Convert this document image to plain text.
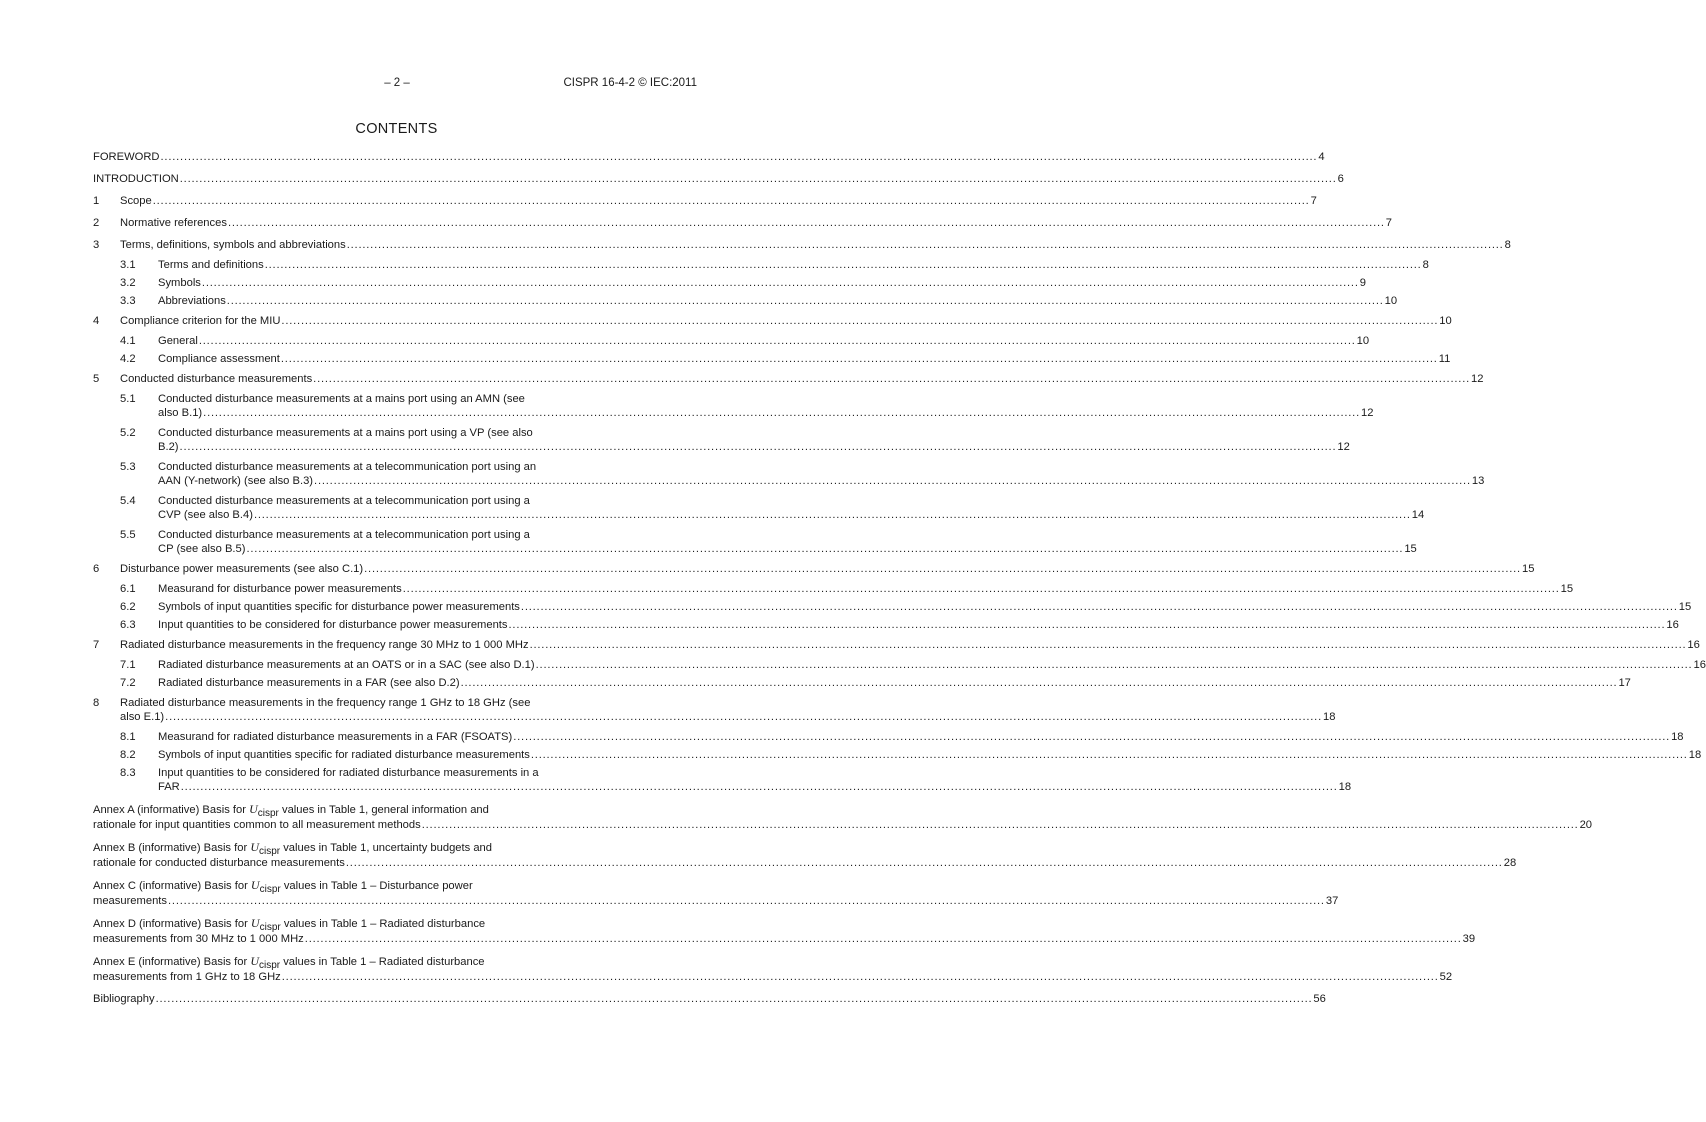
– 2 –	CISPR 16-4-2 © IEC:2011
CONTENTS
FOREWORD .....	4
INTRODUCTION .....	6
1	Scope .....	7
2	Normative references .....	7
3	Terms, definitions, symbols and abbreviations .....	8
3.1	Terms and definitions .....	8
3.2	Symbols .....	9
3.3	Abbreviations .....	10
4	Compliance criterion for the MIU .....	10
4.1	General .....	10
4.2	Compliance assessment .....	11
5	Conducted disturbance measurements .....	12
5.1	Conducted disturbance measurements at a mains port using an AMN (see
also B.1) .....	12
5.2	Conducted disturbance measurements at a mains port using a VP (see also
B.2) .....	12
5.3	Conducted disturbance measurements at a telecommunication port using an
AAN (Y-network) (see also B.3) .....	13
5.4	Conducted disturbance measurements at a telecommunication port using a
CVP (see also B.4) .....	14
5.5	Conducted disturbance measurements at a telecommunication port using a
CP (see also B.5) .....	15
6	Disturbance power measurements (see also C.1) .....	15
6.1	Measurand for disturbance power measurements .....	15
6.2	Symbols of input quantities specific for disturbance power measurements .....	15
6.3	Input quantities to be considered for disturbance power measurements .....	16
7	Radiated disturbance measurements in the frequency range 30 MHz to 1 000 MHz .....	16
7.1	Radiated disturbance measurements at an OATS or in a SAC (see also D.1) .....	16
7.2	Radiated disturbance measurements in a FAR (see also D.2) .....	17
8	Radiated disturbance measurements in the frequency range 1 GHz to 18 GHz (see
also E.1) .....	18
8.1	Measurand for radiated disturbance measurements in a FAR (FSOATS) .....	18
8.2	Symbols of input quantities specific for radiated disturbance measurements .....	18
8.3	Input quantities to be considered for radiated disturbance measurements in a
FAR .....	18
Annex A (informative) Basis for Ucispr values in Table 1, general information and
rationale for input quantities common to all measurement methods .....	20
Annex B (informative) Basis for Ucispr values in Table 1, uncertainty budgets and
rationale for conducted disturbance measurements .....	28
Annex C (informative) Basis for Ucispr values in Table 1 – Disturbance power
measurements .....	37
Annex D (informative) Basis for Ucispr values in Table 1 – Radiated disturbance
measurements from 30 MHz to 1 000 MHz .....	39
Annex E (informative) Basis for Ucispr values in Table 1 – Radiated disturbance
measurements from 1 GHz to 18 GHz .....	52
Bibliography .....	56
